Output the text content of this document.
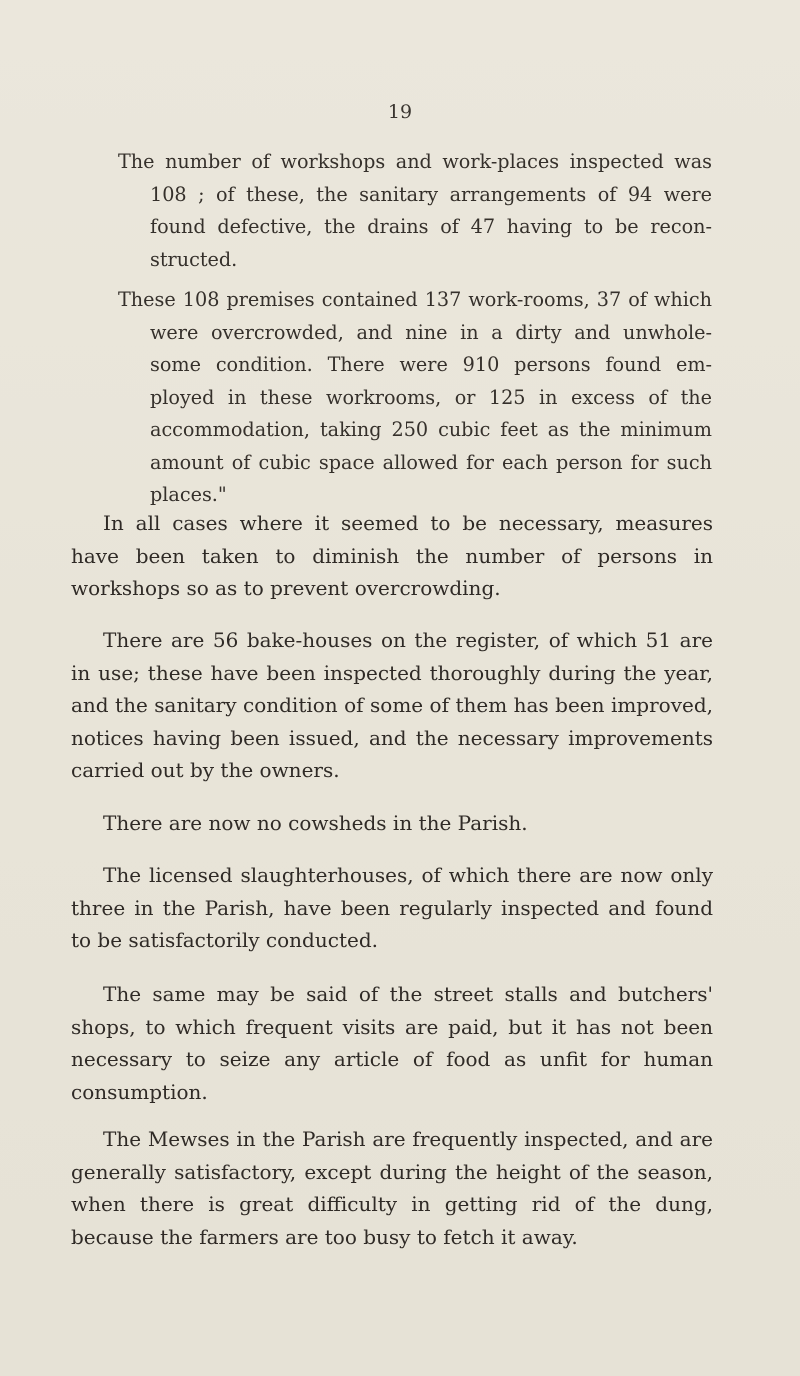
19
The number of workshops and work-places inspected was 108 ; of these, the sanitary arrangements of 94 were found defective, the drains of 47 having to be recon- structed.
These 108 premises contained 137 work-rooms, 37 of which were overcrowded, and nine in a dirty and unwhole- some condition. There were 910 persons found em- ployed in these workrooms, or 125 in excess of the accommodation, taking 250 cubic feet as the minimum amount of cubic space allowed for each person for such places."
In all cases where it seemed to be necessary, measures have been taken to diminish the number of persons in workshops so as to prevent overcrowding.
There are 56 bake-houses on the register, of which 51 are in use; these have been inspected thoroughly during the year, and the sanitary condition of some of them has been improved, notices having been issued, and the necessary improvements carried out by the owners.
There are now no cowsheds in the Parish.
The licensed slaughterhouses, of which there are now only three in the Parish, have been regularly inspected and found to be satisfactorily conducted.
The same may be said of the street stalls and butchers' shops, to which frequent visits are paid, but it has not been necessary to seize any article of food as unfit for human consumption.
The Mewses in the Parish are frequently inspected, and are generally satisfactory, except during the height of the season, when there is great difficulty in getting rid of the dung, because the farmers are too busy to fetch it away.
